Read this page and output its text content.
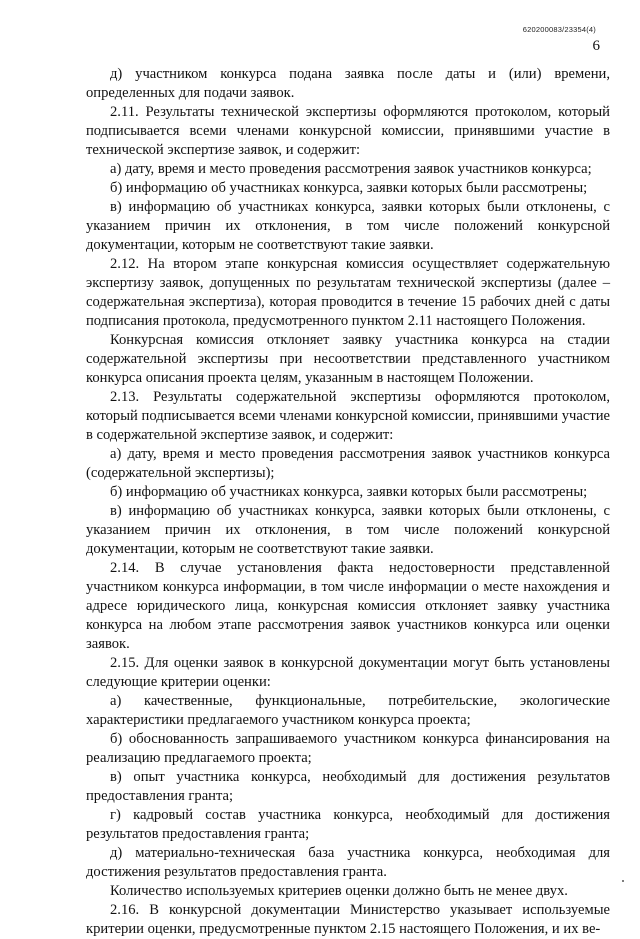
620200083/23354(4)
6

д) участником конкурса подана заявка после даты и (или) времени, определенных для подачи заявок.

2.11. Результаты технической экспертизы оформляются протоколом, который подписывается всеми членами конкурсной комиссии, принявшими участие в технической экспертизе заявок, и содержит:

а) дату, время и место проведения рассмотрения заявок участников конкурса;

б) информацию об участниках конкурса, заявки которых были рассмотрены;

в) информацию об участниках конкурса, заявки которых были отклонены, с указанием причин их отклонения, в том числе положений конкурсной документации, которым не соответствуют такие заявки.

2.12. На втором этапе конкурсная комиссия осуществляет содержательную экспертизу заявок, допущенных по результатам технической экспертизы (далее – содержательная экспертиза), которая проводится в течение 15 рабочих дней с даты подписания протокола, предусмотренного пунктом 2.11 настоящего Положения.

Конкурсная комиссия отклоняет заявку участника конкурса на стадии содержательной экспертизы при несоответствии представленного участником конкурса описания проекта целям, указанным в настоящем Положении.

2.13. Результаты содержательной экспертизы оформляются протоколом, который подписывается всеми членами конкурсной комиссии, принявшими участие в содержательной экспертизе заявок, и содержит:

а) дату, время и место проведения рассмотрения заявок участников конкурса (содержательной экспертизы);

б) информацию об участниках конкурса, заявки которых были рассмотрены;

в) информацию об участниках конкурса, заявки которых были отклонены, с указанием причин их отклонения, в том числе положений конкурсной документации, которым не соответствуют такие заявки.

2.14. В случае установления факта недостоверности представленной участником конкурса информации, в том числе информации о месте нахождения и адресе юридического лица, конкурсная комиссия отклоняет заявку участника конкурса на любом этапе рассмотрения заявок участников конкурса или оценки заявок.

2.15. Для оценки заявок в конкурсной документации могут быть установлены следующие критерии оценки:

а) качественные, функциональные, потребительские, экологические характеристики предлагаемого участником конкурса проекта;

б) обоснованность запрашиваемого участником конкурса финансирования на реализацию предлагаемого проекта;

в) опыт участника конкурса, необходимый для достижения результатов предоставления гранта;

г) кадровый состав участника конкурса, необходимый для достижения результатов предоставления гранта;

д) материально-техническая база участника конкурса, необходимая для достижения результатов предоставления гранта.

Количество используемых критериев оценки должно быть не менее двух.

2.16. В конкурсной документации Министерство указывает используемые критерии оценки, предусмотренные пунктом 2.15 настоящего Положения, и их ве-
